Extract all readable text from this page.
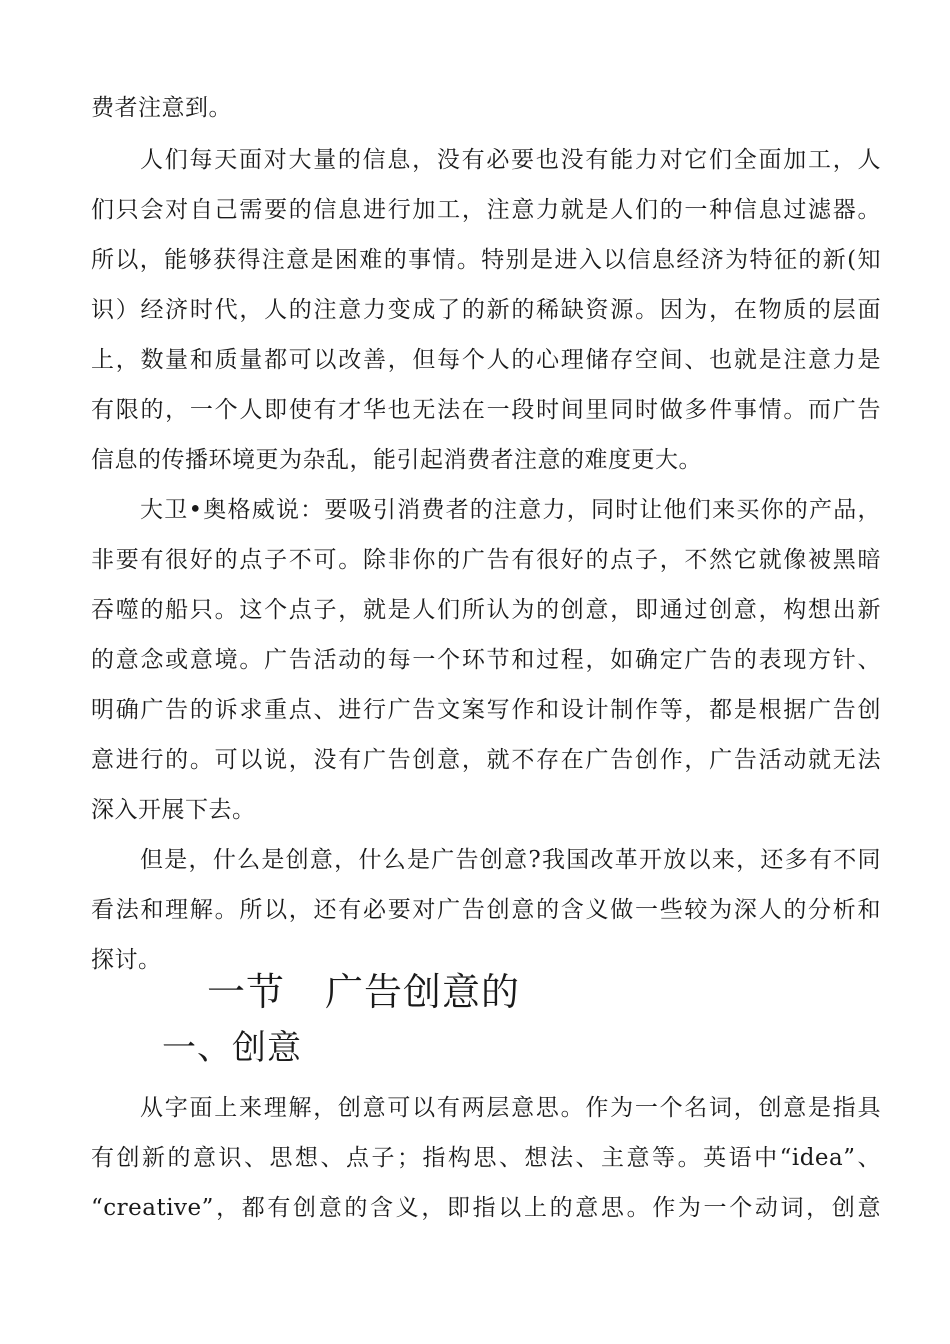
费者注意到。
人们每天面对大量的信息，没有必要也没有能力对它们全面加工，人
们只会对自己需要的信息进行加工，注意力就是人们的一种信息过滤器。
所以，能够获得注意是困难的事情。特别是进入以信息经济为特征的新(知
识）经济时代，人的注意力变成了的新的稀缺资源。因为，在物质的层面
上，数量和质量都可以改善，但每个人的心理储存空间、也就是注意力是
有限的，一个人即使有才华也无法在一段时间里同时做多件事情。而广告
信息的传播环境更为杂乱，能引起消费者注意的难度更大。
大卫•奥格威说：要吸引消费者的注意力，同时让他们来买你的产品，
非要有很好的点子不可。除非你的广告有很好的点子，不然它就像被黑暗
吞噬的船只。这个点子，就是人们所认为的创意，即通过创意，构想出新
的意念或意境。广告活动的每一个环节和过程，如确定广告的表现方针、
明确广告的诉求重点、进行广告文案写作和设计制作等，都是根据广告创
意进行的。可以说，没有广告创意，就不存在广告创作，广告活动就无法
深入开展下去。
但是，什么是创意，什么是广告创意?我国改革开放以来，还多有不同
看法和理解。所以，还有必要对广告创意的含义做一些较为深人的分析和
探讨。
一节 广告创意的
一、创意
从字面上来理解，创意可以有两层意思。作为一个名词，创意是指具
有创新的意识、思想、点子；指构思、想法、主意等。英语中“idea”、
“creative”，都有创意的含义，即指以上的意思。作为一个动词，创意
